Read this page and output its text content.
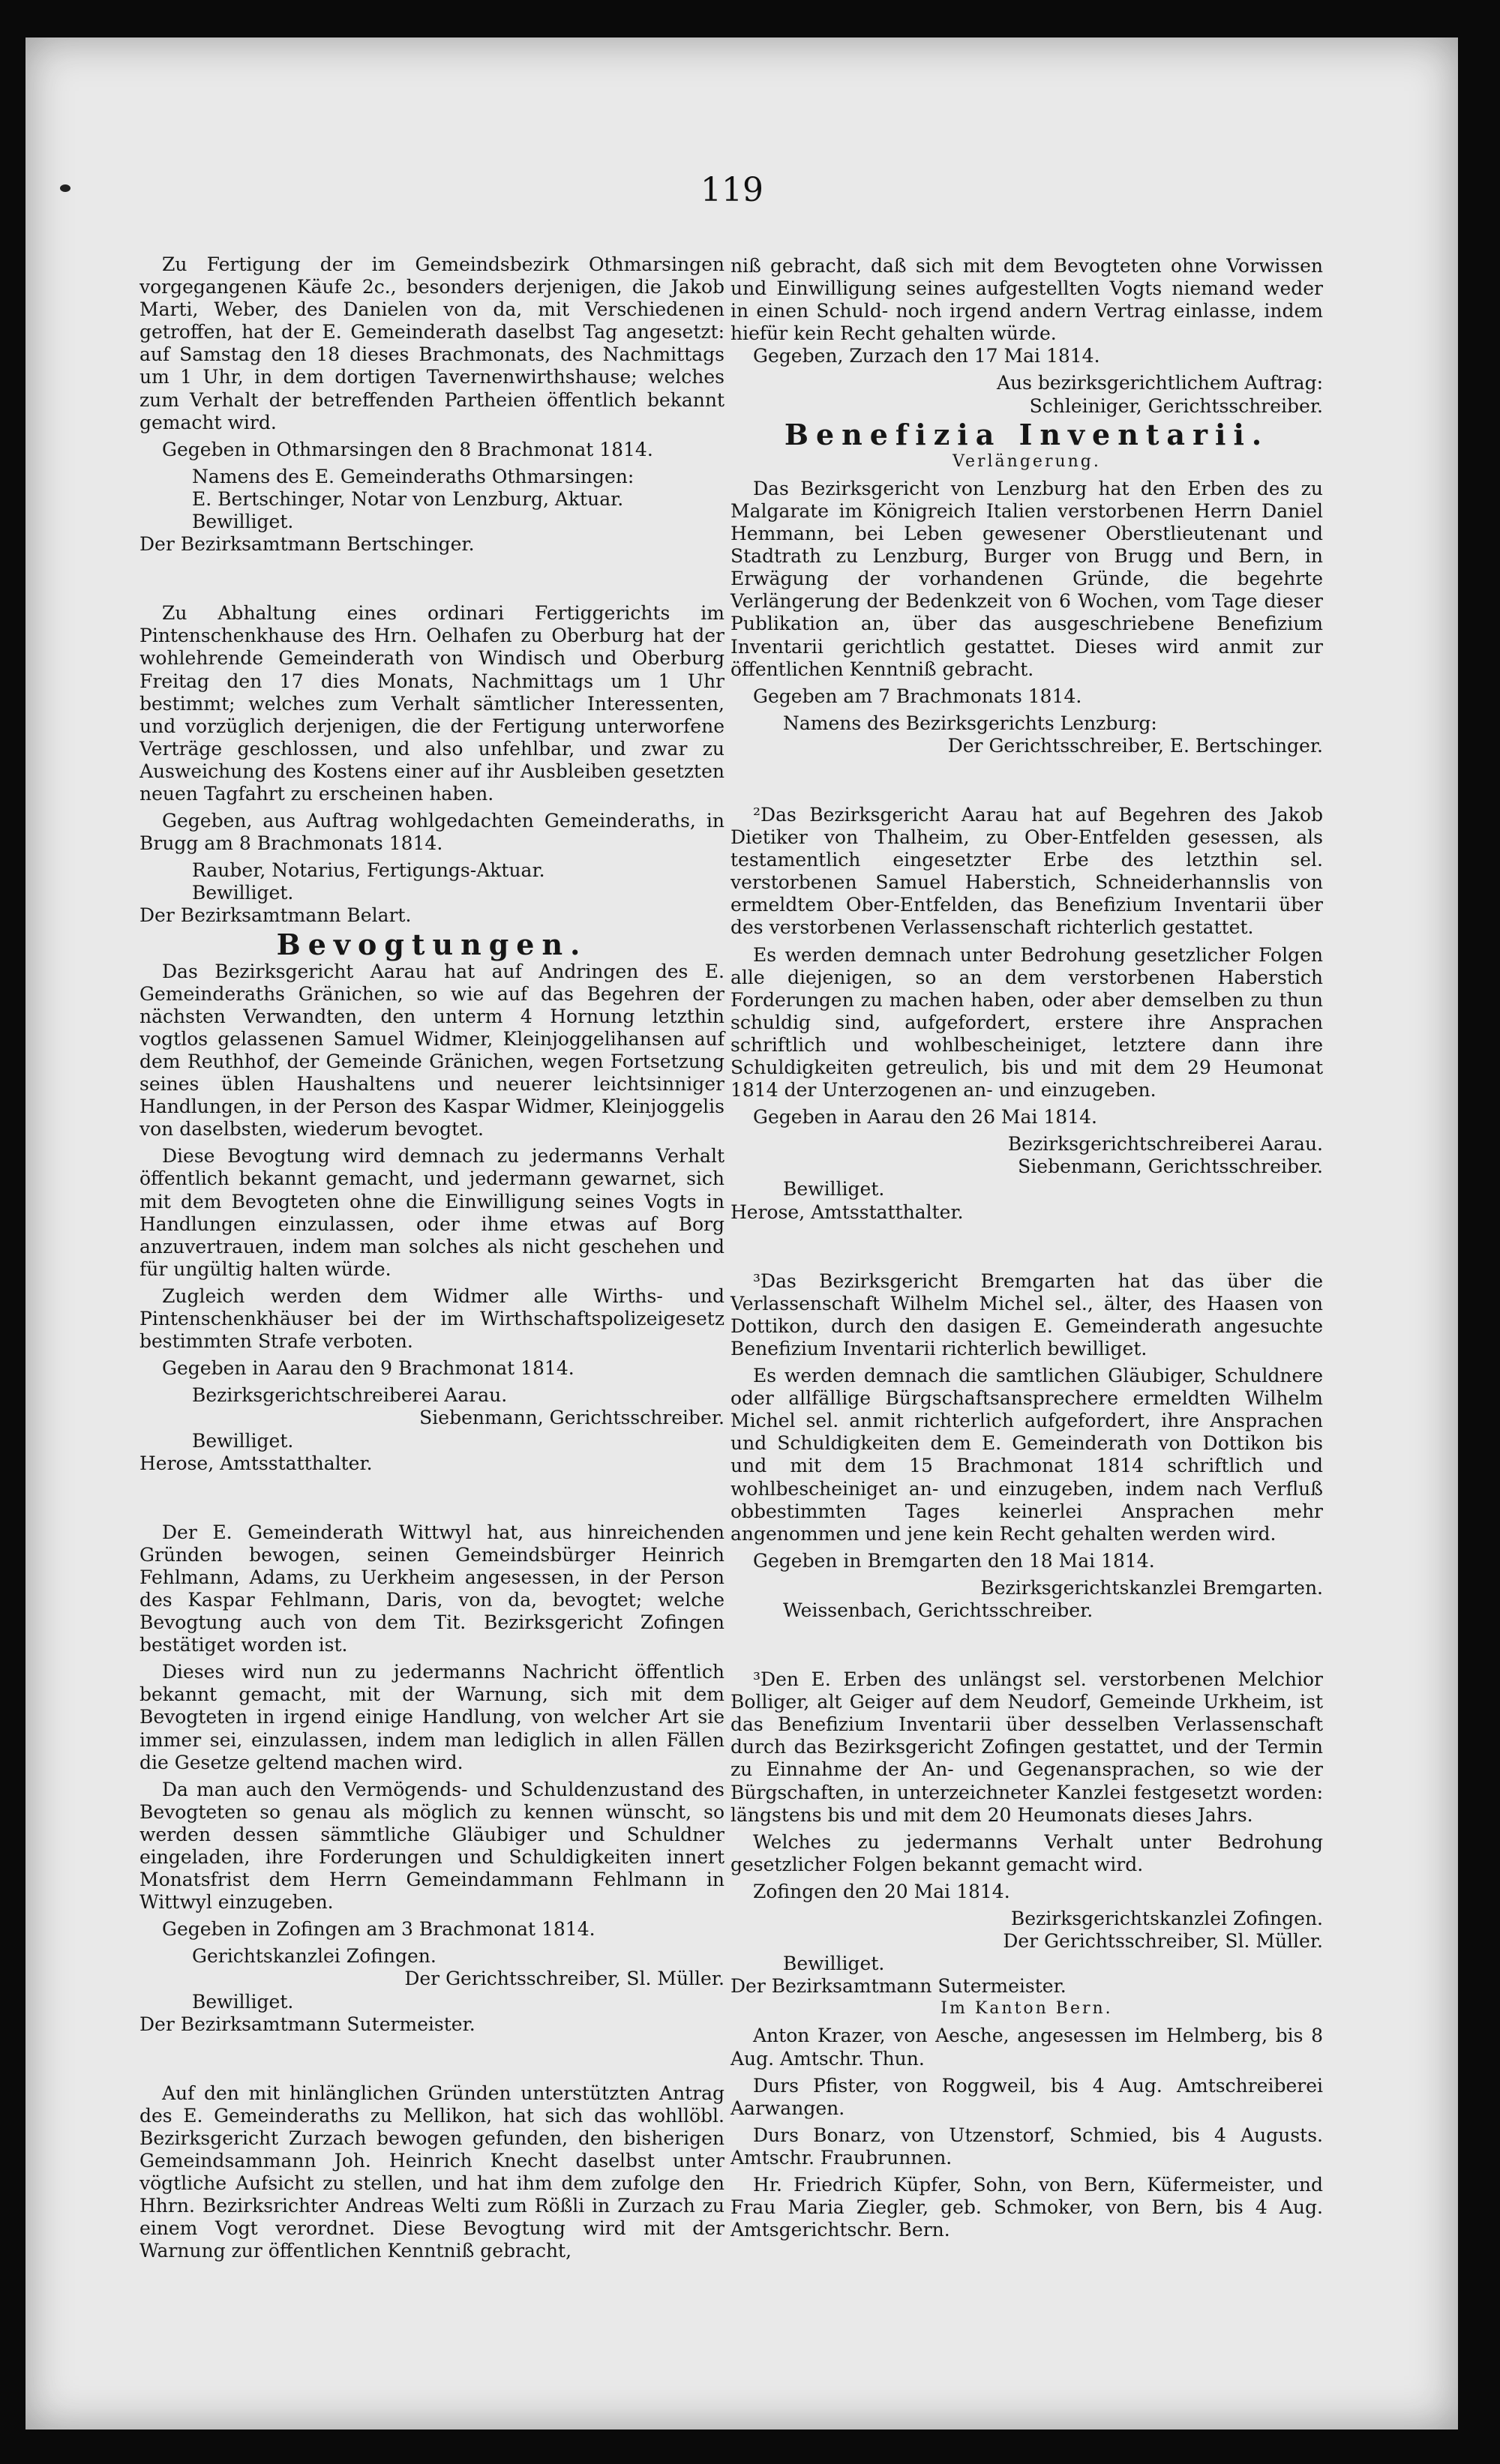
119

Zu Fertigung der im Gemeindsbezirk Othmarsingen vorgegangenen Käufe 2c., besonders derjenigen, die Jakob Marti, Weber, des Danielen von da, mit Verschiedenen getroffen, hat der E. Gemeinderath daselbst Tag angesetzt: auf Samstag den 18 dieses Brachmonats, des Nachmittags um 1 Uhr, in dem dortigen Tavernenwirthshause; welches zum Verhalt der betreffenden Partheien öffentlich bekannt gemacht wird.

Gegeben in Othmarsingen den 8 Brachmonat 1814.

Namens des E. Gemeinderaths Othmarsingen:

E. Bertschinger, Notar von Lenzburg, Aktuar.

Bewilliget.

Der Bezirksamtmann Bertschinger.

Zu Abhaltung eines ordinari Fertiggerichts im Pintenschenkhause des Hrn. Oelhafen zu Oberburg hat der wohlehrende Gemeinderath von Windisch und Oberburg Freitag den 17 dies Monats, Nachmittags um 1 Uhr bestimmt; welches zum Verhalt sämtlicher Interessenten, und vorzüglich derjenigen, die der Fertigung unterworfene Verträge geschlossen, und also unfehlbar, und zwar zu Ausweichung des Kostens einer auf ihr Ausbleiben gesetzten neuen Tagfahrt zu erscheinen haben.

Gegeben, aus Auftrag wohlgedachten Gemeinderaths, in Brugg am 8 Brachmonats 1814.

Rauber, Notarius, Fertigungs-Aktuar.

Bewilliget.

Der Bezirksamtmann Belart.

Bevogtungen.

Das Bezirksgericht Aarau hat auf Andringen des E. Gemeinderaths Gränichen, so wie auf das Begehren der nächsten Verwandten, den unterm 4 Hornung letzthin vogtlos gelassenen Samuel Widmer, Kleinjoggelihansen auf dem Reuthhof, der Gemeinde Gränichen, wegen Fortsetzung seines üblen Haushaltens und neuerer leichtsinniger Handlungen, in der Person des Kaspar Widmer, Kleinjoggelis von daselbsten, wiederum bevogtet.

Diese Bevogtung wird demnach zu jedermanns Verhalt öffentlich bekannt gemacht, und jedermann gewarnet, sich mit dem Bevogteten ohne die Einwilligung seines Vogts in Handlungen einzulassen, oder ihme etwas auf Borg anzuvertrauen, indem man solches als nicht geschehen und für ungültig halten würde.

Zugleich werden dem Widmer alle Wirths- und Pintenschenkhäuser bei der im Wirthschaftspolizeigesetz bestimmten Strafe verboten.

Gegeben in Aarau den 9 Brachmonat 1814.

Bezirksgerichtschreiberei Aarau.

Siebenmann, Gerichtsschreiber.

Bewilliget.

Herose, Amtsstatthalter.

Der E. Gemeinderath Wittwyl hat, aus hinreichenden Gründen bewogen, seinen Gemeindsbürger Heinrich Fehlmann, Adams, zu Uerkheim angesessen, in der Person des Kaspar Fehlmann, Daris, von da, bevogtet; welche Bevogtung auch von dem Tit. Bezirksgericht Zofingen bestätiget worden ist.

Dieses wird nun zu jedermanns Nachricht öffentlich bekannt gemacht, mit der Warnung, sich mit dem Bevogteten in irgend einige Handlung, von welcher Art sie immer sei, einzulassen, indem man lediglich in allen Fällen die Gesetze geltend machen wird.

Da man auch den Vermögends- und Schuldenzustand des Bevogteten so genau als möglich zu kennen wünscht, so werden dessen sämmtliche Gläubiger und Schuldner eingeladen, ihre Forderungen und Schuldigkeiten innert Monatsfrist dem Herrn Gemeindammann Fehlmann in Wittwyl einzugeben.

Gegeben in Zofingen am 3 Brachmonat 1814.

Gerichtskanzlei Zofingen.

Der Gerichtsschreiber, Sl. Müller.

Bewilliget.

Der Bezirksamtmann Sutermeister.

Auf den mit hinlänglichen Gründen unterstützten Antrag des E. Gemeinderaths zu Mellikon, hat sich das wohllöbl. Bezirksgericht Zurzach bewogen gefunden, den bisherigen Gemeindsammann Joh. Heinrich Knecht daselbst unter vögtliche Aufsicht zu stellen, und hat ihm dem zufolge den Hhrn. Bezirksrichter Andreas Welti zum Rößli in Zurzach zu einem Vogt verordnet. Diese Bevogtung wird mit der Warnung zur öffentlichen Kenntniß gebracht,

niß gebracht, daß sich mit dem Bevogteten ohne Vorwissen und Einwilligung seines aufgestellten Vogts niemand weder in einen Schuld- noch irgend andern Vertrag einlasse, indem hiefür kein Recht gehalten würde.

Gegeben, Zurzach den 17 Mai 1814.

Aus bezirksgerichtlichem Auftrag:

Schleiniger, Gerichtsschreiber.

Benefizia Inventarii.

Verlängerung.

Das Bezirksgericht von Lenzburg hat den Erben des zu Malgarate im Königreich Italien verstorbenen Herrn Daniel Hemmann, bei Leben gewesener Oberstlieutenant und Stadtrath zu Lenzburg, Burger von Brugg und Bern, in Erwägung der vorhandenen Gründe, die begehrte Verlängerung der Bedenkzeit von 6 Wochen, vom Tage dieser Publikation an, über das ausgeschriebene Benefizium Inventarii gerichtlich gestattet. Dieses wird anmit zur öffentlichen Kenntniß gebracht.

Gegeben am 7 Brachmonats 1814.

Namens des Bezirksgerichts Lenzburg:

Der Gerichtsschreiber, E. Bertschinger.

²Das Bezirksgericht Aarau hat auf Begehren des Jakob Dietiker von Thalheim, zu Ober-Entfelden gesessen, als testamentlich eingesetzter Erbe des letzthin sel. verstorbenen Samuel Haberstich, Schneiderhannslis von ermeldtem Ober-Entfelden, das Benefizium Inventarii über des verstorbenen Verlassenschaft richterlich gestattet.

Es werden demnach unter Bedrohung gesetzlicher Folgen alle diejenigen, so an dem verstorbenen Haberstich Forderungen zu machen haben, oder aber demselben zu thun schuldig sind, aufgefordert, erstere ihre Ansprachen schriftlich und wohlbescheiniget, letztere dann ihre Schuldigkeiten getreulich, bis und mit dem 29 Heumonat 1814 der Unterzogenen an- und einzugeben.

Gegeben in Aarau den 26 Mai 1814.

Bezirksgerichtschreiberei Aarau.

Siebenmann, Gerichtsschreiber.

Bewilliget.

Herose, Amtsstatthalter.

³Das Bezirksgericht Bremgarten hat das über die Verlassenschaft Wilhelm Michel sel., älter, des Haasen von Dottikon, durch den dasigen E. Gemeinderath angesuchte Benefizium Inventarii richterlich bewilliget.

Es werden demnach die samtlichen Gläubiger, Schuldnere oder allfällige Bürgschaftsansprechere ermeldten Wilhelm Michel sel. anmit richterlich aufgefordert, ihre Ansprachen und Schuldigkeiten dem E. Gemeinderath von Dottikon bis und mit dem 15 Brachmonat 1814 schriftlich und wohlbescheiniget an- und einzugeben, indem nach Verfluß obbestimmten Tages keinerlei Ansprachen mehr angenommen und jene kein Recht gehalten werden wird.

Gegeben in Bremgarten den 18 Mai 1814.

Bezirksgerichtskanzlei Bremgarten.

Weissenbach, Gerichtsschreiber.

³Den E. Erben des unlängst sel. verstorbenen Melchior Bolliger, alt Geiger auf dem Neudorf, Gemeinde Urkheim, ist das Benefizium Inventarii über desselben Verlassenschaft durch das Bezirksgericht Zofingen gestattet, und der Termin zu Einnahme der An- und Gegenansprachen, so wie der Bürgschaften, in unterzeichneter Kanzlei festgesetzt worden: längstens bis und mit dem 20 Heumonats dieses Jahrs.

Welches zu jedermanns Verhalt unter Bedrohung gesetzlicher Folgen bekannt gemacht wird.

Zofingen den 20 Mai 1814.

Bezirksgerichtskanzlei Zofingen.

Der Gerichtsschreiber, Sl. Müller.

Bewilliget.

Der Bezirksamtmann Sutermeister.

Im Kanton Bern.

Anton Krazer, von Aesche, angesessen im Helmberg, bis 8 Aug. Amtschr. Thun.

Durs Pfister, von Roggweil, bis 4 Aug. Amtschreiberei Aarwangen.

Durs Bonarz, von Utzenstorf, Schmied, bis 4 Augusts. Amtschr. Fraubrunnen.

Hr. Friedrich Küpfer, Sohn, von Bern, Küfermeister, und Frau Maria Ziegler, geb. Schmoker, von Bern, bis 4 Aug. Amtsgerichtschr. Bern.
